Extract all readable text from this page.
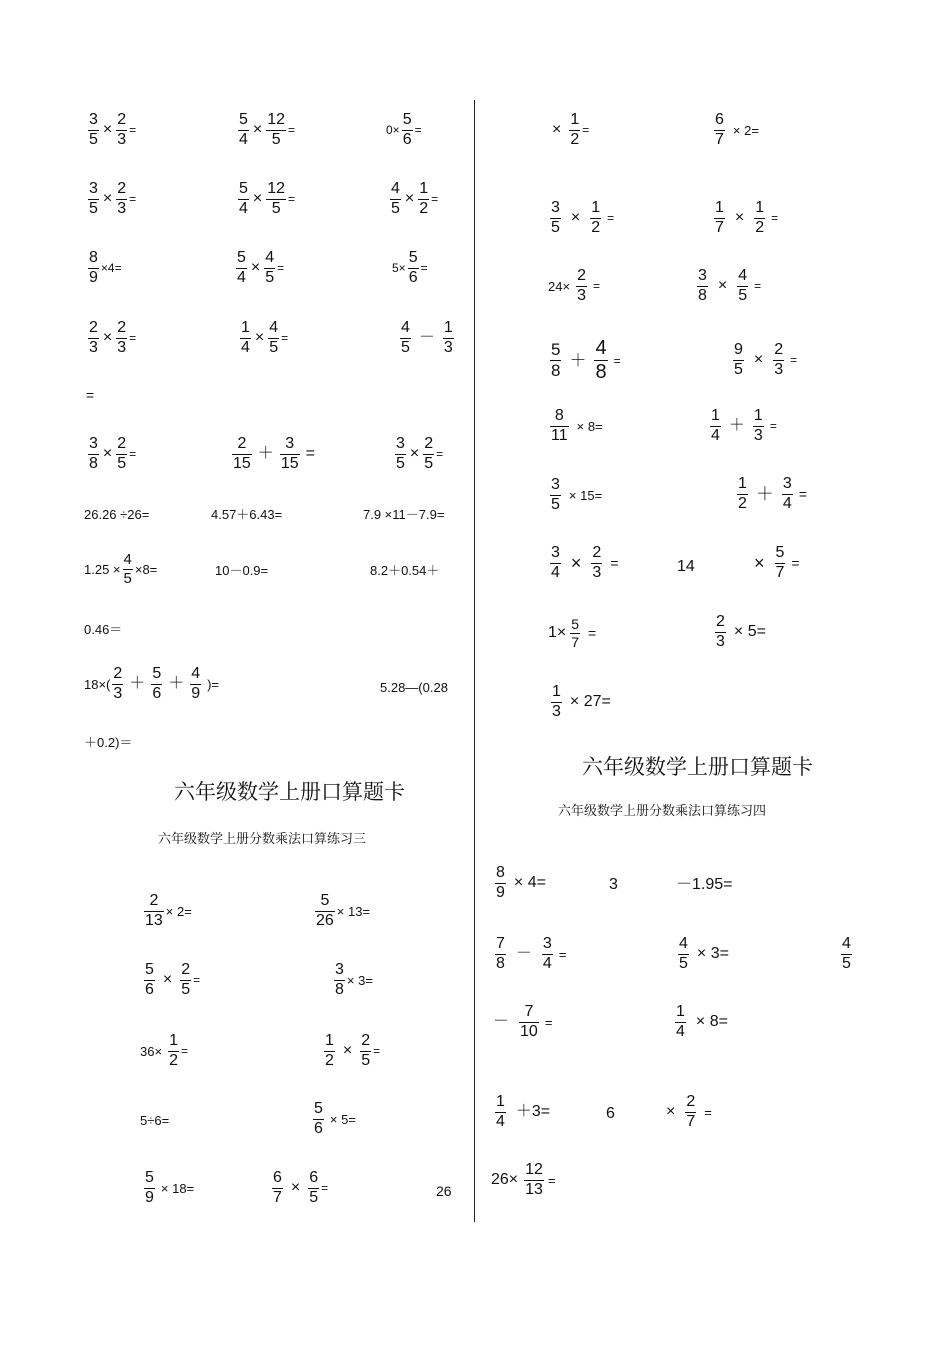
$\frac{3}{5} \times \frac{2}{3}$ =	$\frac{5}{4} \times \frac{12}{5}$ =	$0\times \frac{5}{6}$ =
$\frac{3}{5} \times \frac{2}{3}$ =	$\frac{5}{4} \times \frac{12}{5}$ =	$\frac{4}{5} \times \frac{1}{2}$ =
$\frac{8}{9} \times 4=$	$\frac{5}{4} \times \frac{4}{5}$ =	$5\times \frac{5}{6}$ =
$\frac{2}{3} \times \frac{2}{3}$ =	$\frac{1}{4} \times \frac{4}{5}$ =	$\frac{4}{5} - \frac{1}{3}$
=
$\frac{3}{8} \times \frac{2}{5}$ =	$\frac{2}{15} + \frac{3}{15}$ =	$\frac{3}{5} \times \frac{2}{5}$ =
26.26 ÷26=	4.57＋6.43=	7.9 ×11－7.9=
$1.25 \times \frac{4}{5} \times 8=$	10－0.9=	8.2＋0.54＋
0.46＝
$18\times( \frac{2}{3} + \frac{5}{6} + \frac{4}{9}$ )=	5.28—(0.28
＋0.2)＝
六年级数学上册口算题卡
六年级数学上册分数乘法口算练习三
$\frac{2}{13} \times 2=$	$\frac{5}{26} \times 13=$
$\frac{5}{6} \times \frac{2}{5}$ =	$\frac{3}{8} \times 3=$
$36\times \frac{1}{2}$ =	$\frac{1}{2} \times \frac{2}{5}$ =
5÷6=	$\frac{5}{6} \times 5=$
$\frac{5}{9} \times 18=$	$\frac{6}{7} \times \frac{6}{5}$ =	26
× $\frac{1}{2}$ =	$\frac{6}{7} \times 2=$
$\frac{3}{5} \times \frac{1}{2}$ =	$\frac{1}{7} \times \frac{1}{2}$ =
$24\times \frac{2}{3}$ =	$\frac{3}{8} \times \frac{4}{5}$ =
$\frac{5}{8} + \frac{4}{8}$ =	$\frac{9}{5} \times \frac{2}{3}$ =
$\frac{8}{11} \times 8=$	$\frac{1}{4} + \frac{1}{3}$ =
$\frac{3}{5} \times 15=$	$\frac{1}{2} + \frac{3}{4}$ =
$\frac{3}{4} \times \frac{2}{3}$ =	14	× $\frac{5}{7}$ =
$1\times \frac{5}{7}$ =	$\frac{2}{3} \times 5=$
$\frac{1}{3} \times 27=$
六年级数学上册口算题卡
六年级数学上册分数乘法口算练习四
$\frac{8}{9} \times 4=$	3	－1.95=
$\frac{7}{8} - \frac{3}{4}$ =	$\frac{4}{5} \times 3=$	$\frac{4}{5}$
－ $\frac{7}{10}$ =	$\frac{1}{4} \times 8=$
$\frac{1}{4} +3=$	6	× $\frac{2}{7}$ =
$26\times \frac{12}{13}$ =
